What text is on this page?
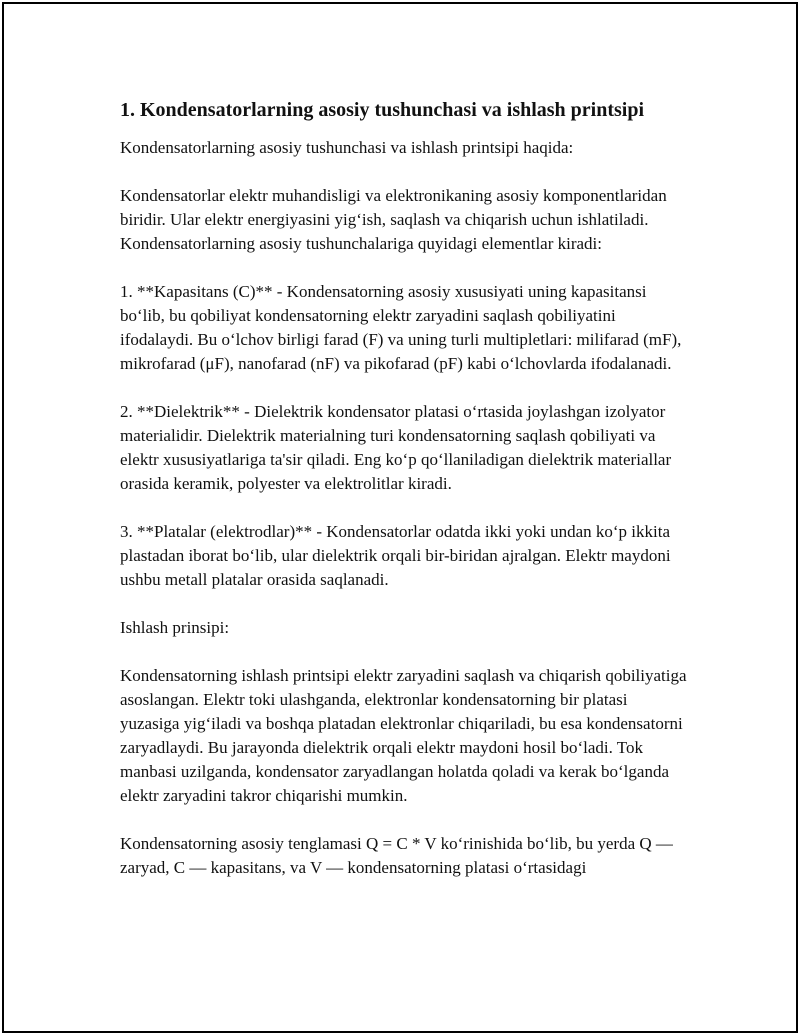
1. Kondensatorlarning asosiy tushunchasi va ishlash printsipi

Kondensatorlarning asosiy tushunchasi va ishlash printsipi haqida:

Kondensatorlar elektr muhandisligi va elektronikaning asosiy komponentlaridan biridir. Ular elektr energiyasini yig‘ish, saqlash va chiqarish uchun ishlatiladi. Kondensatorlarning asosiy tushunchalariga quyidagi elementlar kiradi:

1. **Kapasitans (C)** - Kondensatorning asosiy xususiyati uning kapasitansi bo‘lib, bu qobiliyat kondensatorning elektr zaryadini saqlash qobiliyatini ifodalaydi. Bu o‘lchov birligi farad (F) va uning turli multipletlari: milifarad (mF), mikrofarad (μF), nanofarad (nF) va pikofarad (pF) kabi o‘lchovlarda ifodalanadi.

2. **Dielektrik** - Dielektrik kondensator platasi o‘rtasida joylashgan izolyator materialidir. Dielektrik materialning turi kondensatorning saqlash qobiliyati va elektr xususiyatlariga ta'sir qiladi. Eng ko‘p qo‘llaniladigan dielektrik materiallar orasida keramik, polyester va elektrolitlar kiradi.

3. **Platalar (elektrodlar)** - Kondensatorlar odatda ikki yoki undan ko‘p ikkita plastadan iborat bo‘lib, ular dielektrik orqali bir-biridan ajralgan. Elektr maydoni ushbu metall platalar orasida saqlanadi.

Ishlash prinsipi:

Kondensatorning ishlash printsipi elektr zaryadini saqlash va chiqarish qobiliyatiga asoslangan. Elektr toki ulashganda, elektronlar kondensatorning bir platasi yuzasiga yig‘iladi va boshqa platadan elektronlar chiqariladi, bu esa kondensatorni zaryadlaydi. Bu jarayonda dielektrik orqali elektr maydoni hosil bo‘ladi. Tok manbasi uzilganda, kondensator zaryadlangan holatda qoladi va kerak bo‘lganda elektr zaryadini takror chiqarishi mumkin.

Kondensatorning asosiy tenglamasi Q = C * V ko‘rinishida bo‘lib, bu yerda Q — zaryad, C — kapasitans, va V — kondensatorning platasi o‘rtasidagi
